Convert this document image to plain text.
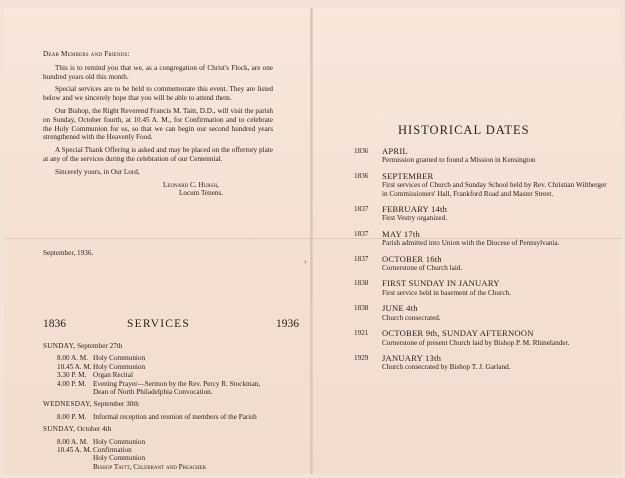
›

Dear Members and Friends:

This is to remind you that we, as a congregation of Christ's Flock, are one hundred years old this month.

Special services are to be held to commemorate this event. They are listed below and we sincerely hope that you will be able to attend them.

Our Bishop, the Right Reverend Francis M. Taitt, D.D., will visit the parish on Sunday, October fourth, at 10.45 A. M., for Confirmation and to celebrate the Holy Communion for us, so that we can begin our second hundred years strengthened with the Heavenly Food.

A Special Thank Offering is asked and may be placed on the offertory plate at any of the services during the celebration of our Centennial.

Sincerely yours, in Our Lord,

Leonard C. Hursh,
Locum Tenens.
September, 1936.
1836	SERVICES	1936
SUNDAY, September 27th
8.00 A. M. Holy Communion
10.45 A. M. Holy Communion
3.30 P. M. Organ Recital
4.00 P. M. Evening Prayer—Sermon by the Rev. Percy R. Stockman, Dean of North Philadelphia Convocation.
WEDNESDAY, September 30th
8.00 P. M. Informal reception and reunion of members of the Parish
SUNDAY, October 4th
8.00 A. M. Holy Communion
10.45 A. M. Confirmation
Holy Communion
Bishop Taitt, Celebrant and Preacher
HISTORICAL DATES
1836	APRIL
Permission granted to found a Mission in Kensington
1836	SEPTEMBER
First services of Church and Sunday School held by Rev. Christian Wiltberger in Commissioners' Hall, Frankford Road and Master Street.
1837	FEBRUARY 14th
First Vestry organized.
1837	MAY 17th
Parish admitted into Union with the Diocese of Pennsylvania.
1837	OCTOBER 16th
Cornerstone of Church laid.
1838	FIRST SUNDAY IN JANUARY
First service held in basement of the Church.
1838	JUNE 4th
Church consecrated.
1921	OCTOBER 9th, SUNDAY AFTERNOON
Cornerstone of present Church laid by Bishop P. M. Rhinelander.
1929	JANUARY 13th
Church consecrated by Bishop T. J. Garland.
